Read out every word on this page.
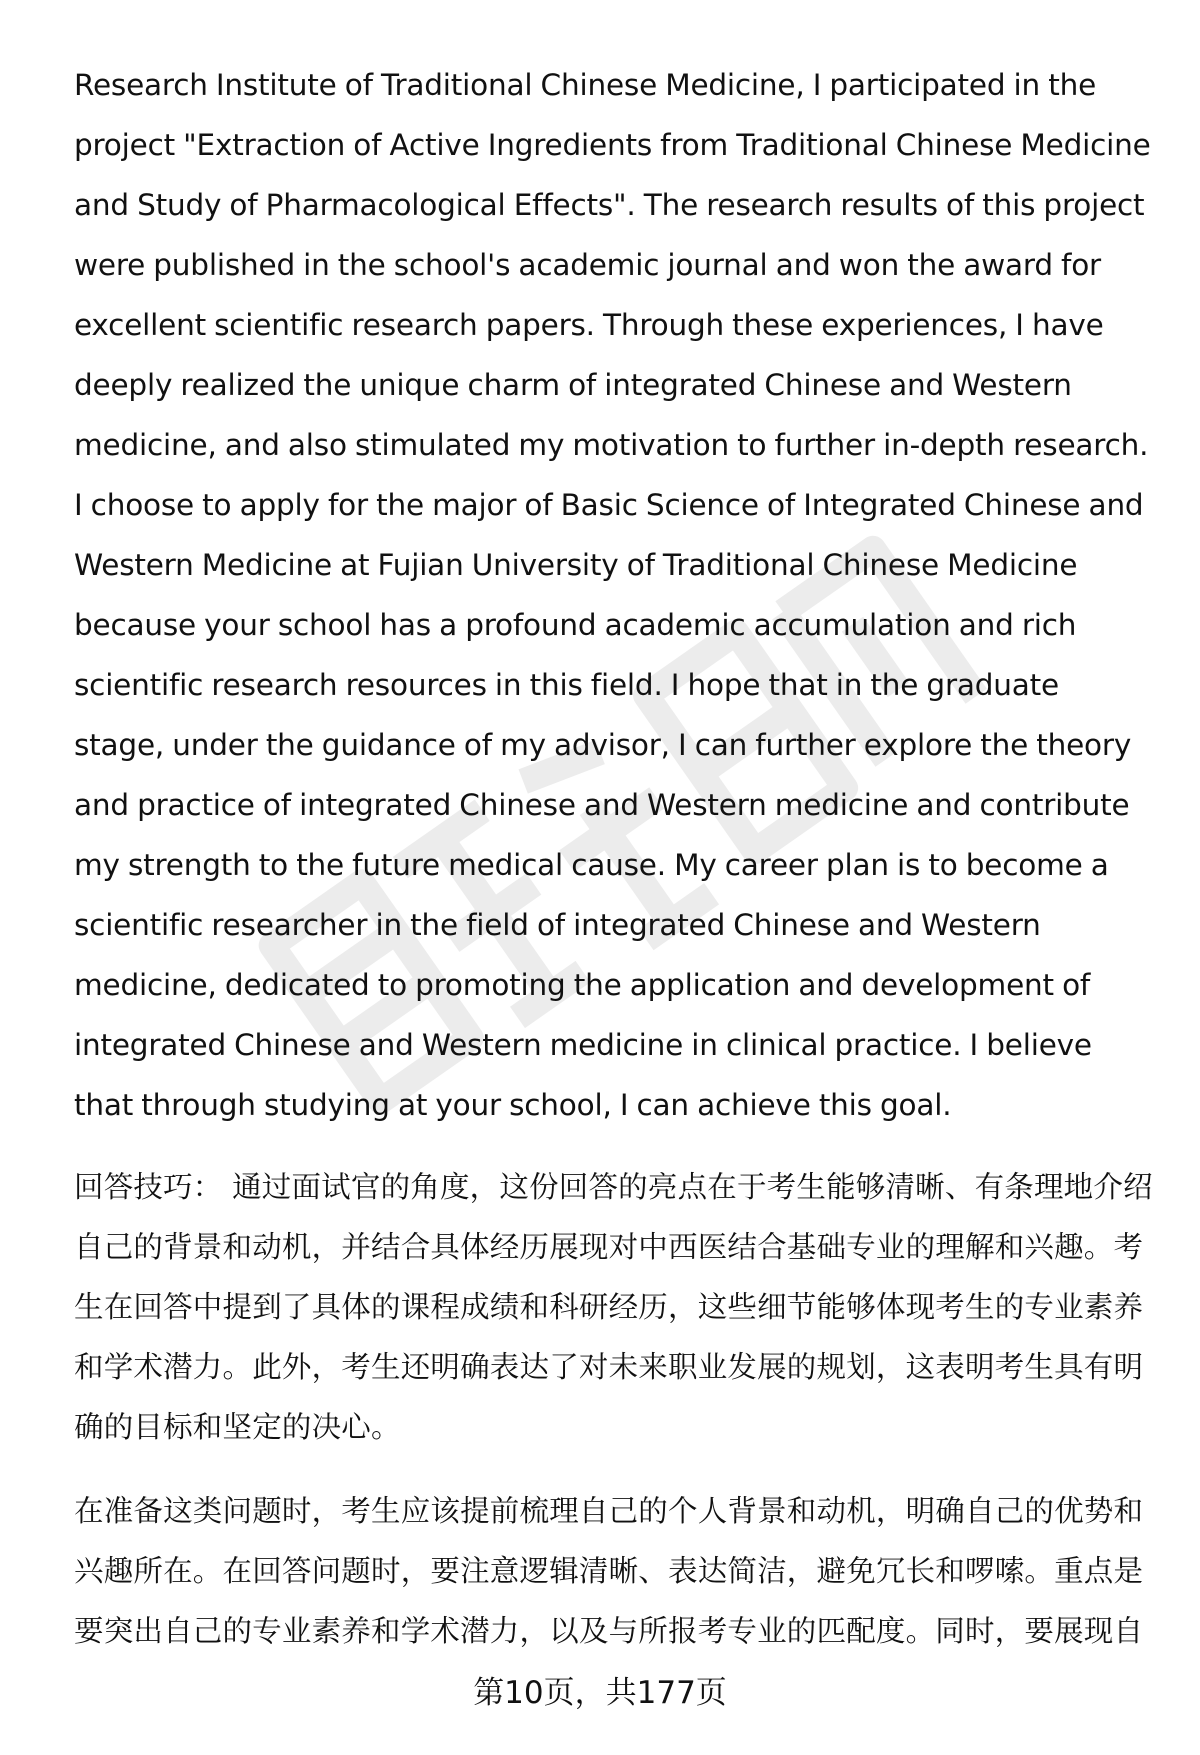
Research Institute of Traditional Chinese Medicine, I participated in the project "Extraction of Active Ingredients from Traditional Chinese Medicine and Study of Pharmacological Effects". The research results of this project were published in the school's academic journal and won the award for excellent scientific research papers. Through these experiences, I have deeply realized the unique charm of integrated Chinese and Western medicine, and also stimulated my motivation to further in-depth research. I choose to apply for the major of Basic Science of Integrated Chinese and Western Medicine at Fujian University of Traditional Chinese Medicine because your school has a profound academic accumulation and rich scientific research resources in this field. I hope that in the graduate stage, under the guidance of my advisor, I can further explore the theory and practice of integrated Chinese and Western medicine and contribute my strength to the future medical cause. My career plan is to become a scientific researcher in the field of integrated Chinese and Western medicine, dedicated to promoting the application and development of integrated Chinese and Western medicine in clinical practice. I believe that through studying at your school, I can achieve this goal.

回答技巧： 通过面试官的角度，这份回答的亮点在于考生能够清晰、有条理地介绍自己的背景和动机，并结合具体经历展现对中西医结合基础专业的理解和兴趣。考生在回答中提到了具体的课程成绩和科研经历，这些细节能够体现考生的专业素养和学术潜力。此外，考生还明确表达了对未来职业发展的规划，这表明考生具有明确的目标和坚定的决心。

在准备这类问题时，考生应该提前梳理自己的个人背景和动机，明确自己的优势和兴趣所在。在回答问题时，要注意逻辑清晰、表达简洁，避免冗长和啰嗦。重点是要突出自己的专业素养和学术潜力，以及与所报考专业的匹配度。同时，要展现自

第10页，共177页
